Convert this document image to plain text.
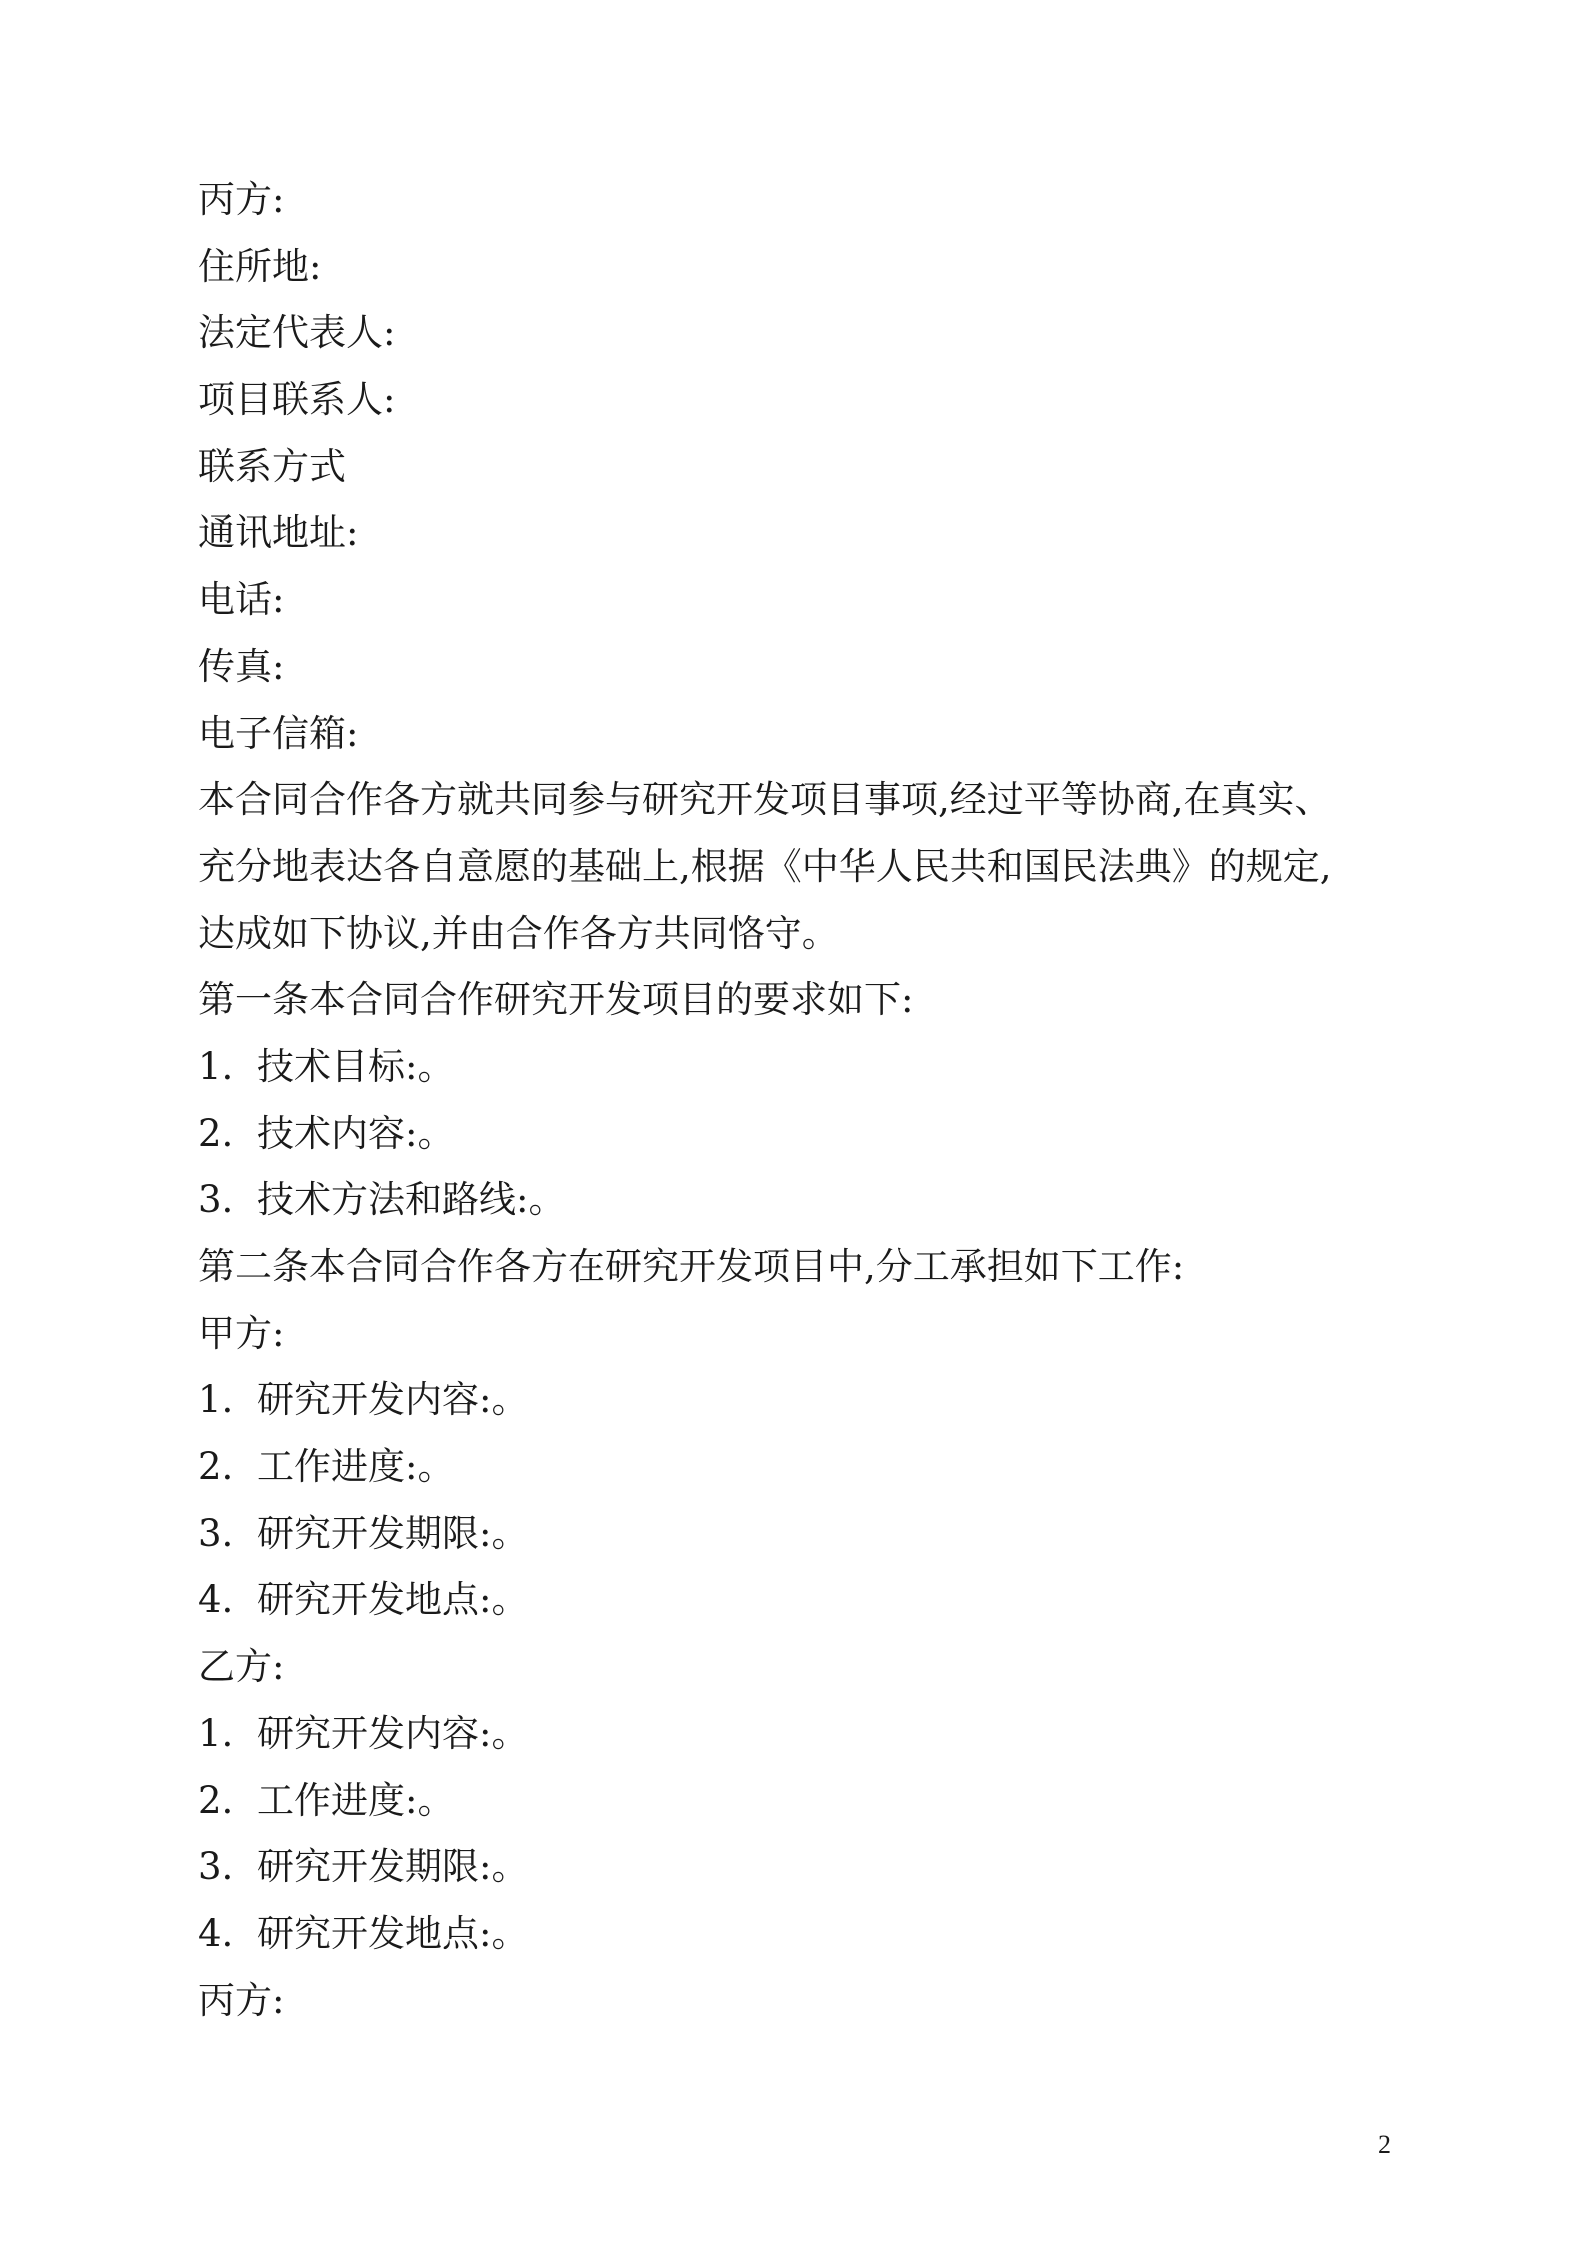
丙方:
住所地:
法定代表人:
项目联系人:
联系方式
通讯地址:
电话:
传真:
电子信箱:
本合同合作各方就共同参与研究开发项目事项,经过平等协商,在真实、
充分地表达各自意愿的基础上,根据《中华人民共和国民法典》的规定,
达成如下协议,并由合作各方共同恪守。
第一条本合同合作研究开发项目的要求如下:
1. 技术目标:。
2. 技术内容:。
3. 技术方法和路线:。
第二条本合同合作各方在研究开发项目中,分工承担如下工作:
甲方:
1. 研究开发内容:。
2. 工作进度:。
3. 研究开发期限:。
4. 研究开发地点:。
乙方:
1. 研究开发内容:。
2. 工作进度:。
3. 研究开发期限:。
4. 研究开发地点:。
丙方:
2
